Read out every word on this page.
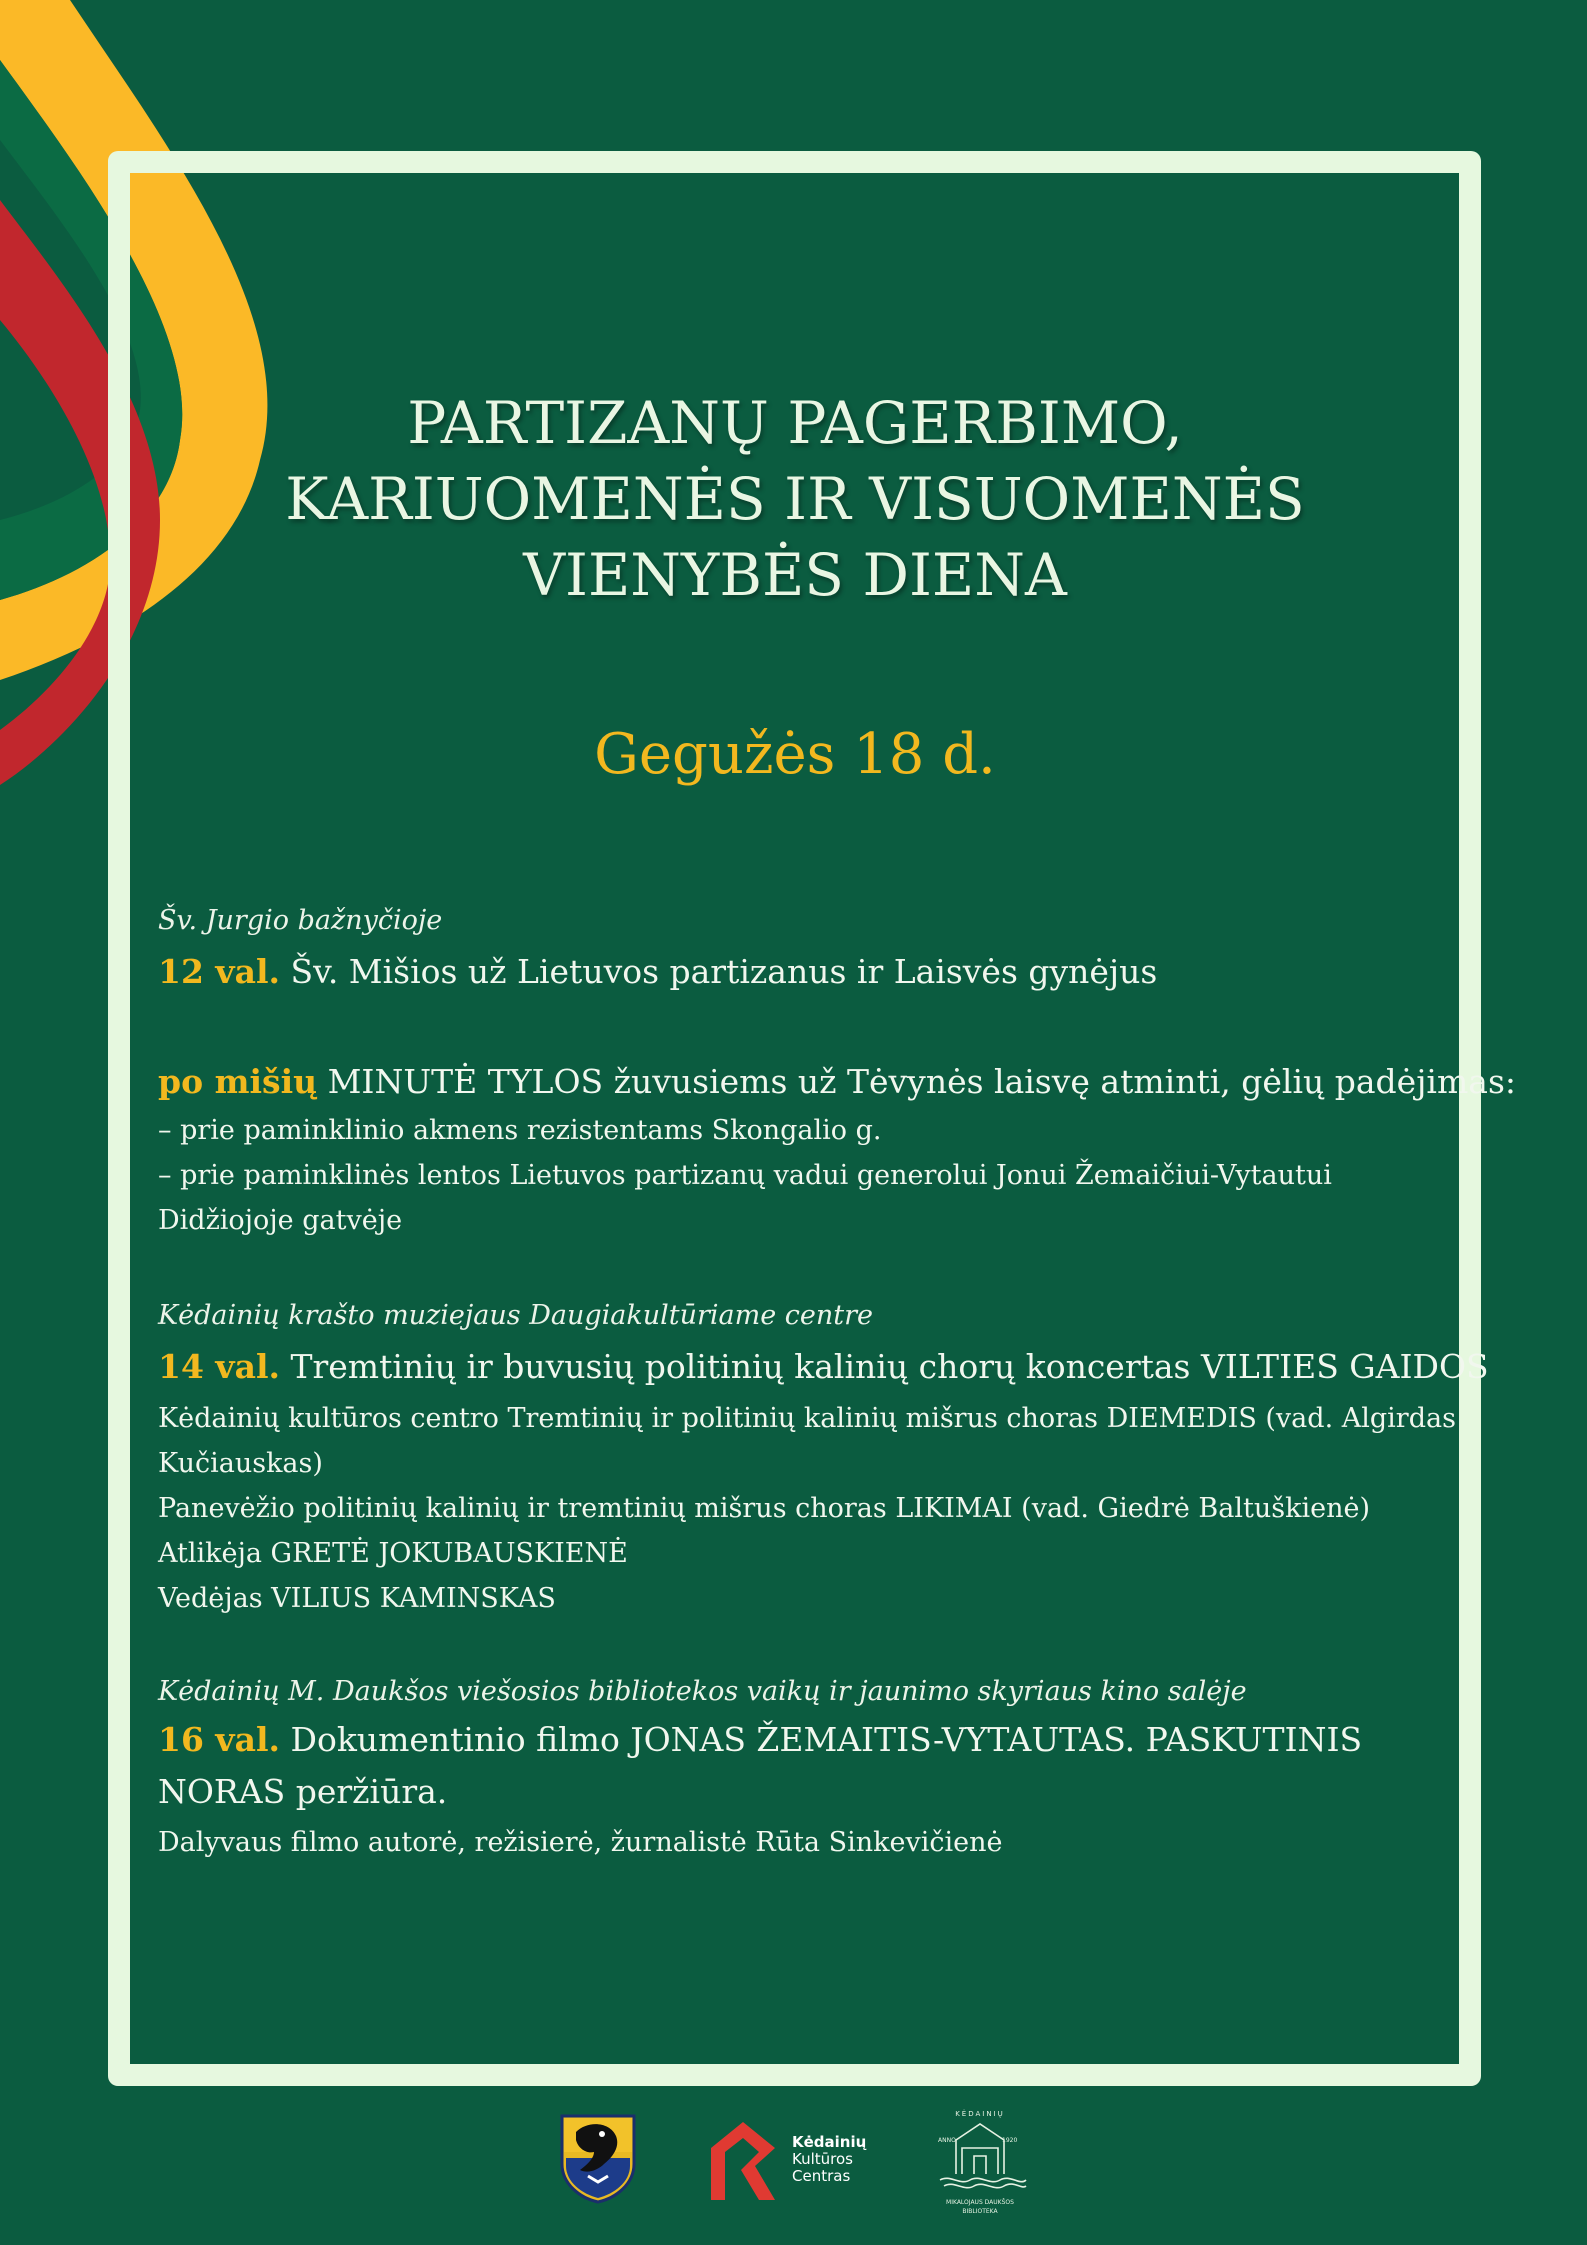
PARTIZANŲ PAGERBIMO,
KARIUOMENĖS IR VISUOMENĖS
VIENYBĖS DIENA
Gegužės 18 d.
Šv. Jurgio bažnyčioje
12 val. Šv. Mišios už Lietuvos partizanus ir Laisvės gynėjus
po mišių MINUTĖ TYLOS žuvusiems už Tėvynės laisvę atminti, gėlių padėjimas:
– prie paminklinio akmens rezistentams Skongalio g.
– prie paminklinės lentos Lietuvos partizanų vadui generolui Jonui Žemaičiui-Vytautui
Didžiojoje gatvėje
Kėdainių krašto muziejaus Daugiakultūriame centre
14 val. Tremtinių ir buvusių politinių kalinių chorų koncertas VILTIES GAIDOS
Kėdainių kultūros centro Tremtinių ir politinių kalinių mišrus choras DIEMEDIS (vad. Algirdas
Kučiauskas)
Panevėžio politinių kalinių ir tremtinių mišrus choras LIKIMAI (vad. Giedrė Baltuškienė)
Atlikėja GRETĖ JOKUBAUSKIENĖ
Vedėjas VILIUS KAMINSKAS
Kėdainių M. Daukšos viešosios bibliotekos vaikų ir jaunimo skyriaus kino salėje
16 val. Dokumentinio filmo JONAS ŽEMAITIS-VYTAUTAS. PASKUTINIS
NORAS peržiūra.
Dalyvaus filmo autorė, režisierė, žurnalistė Rūta Sinkevičienė
Kėdainių
Kultūros
Centras
KĖDAINIŲ
ANNO	1920
MIKALOJAUS DAUKŠOS
BIBLIOTEKA
